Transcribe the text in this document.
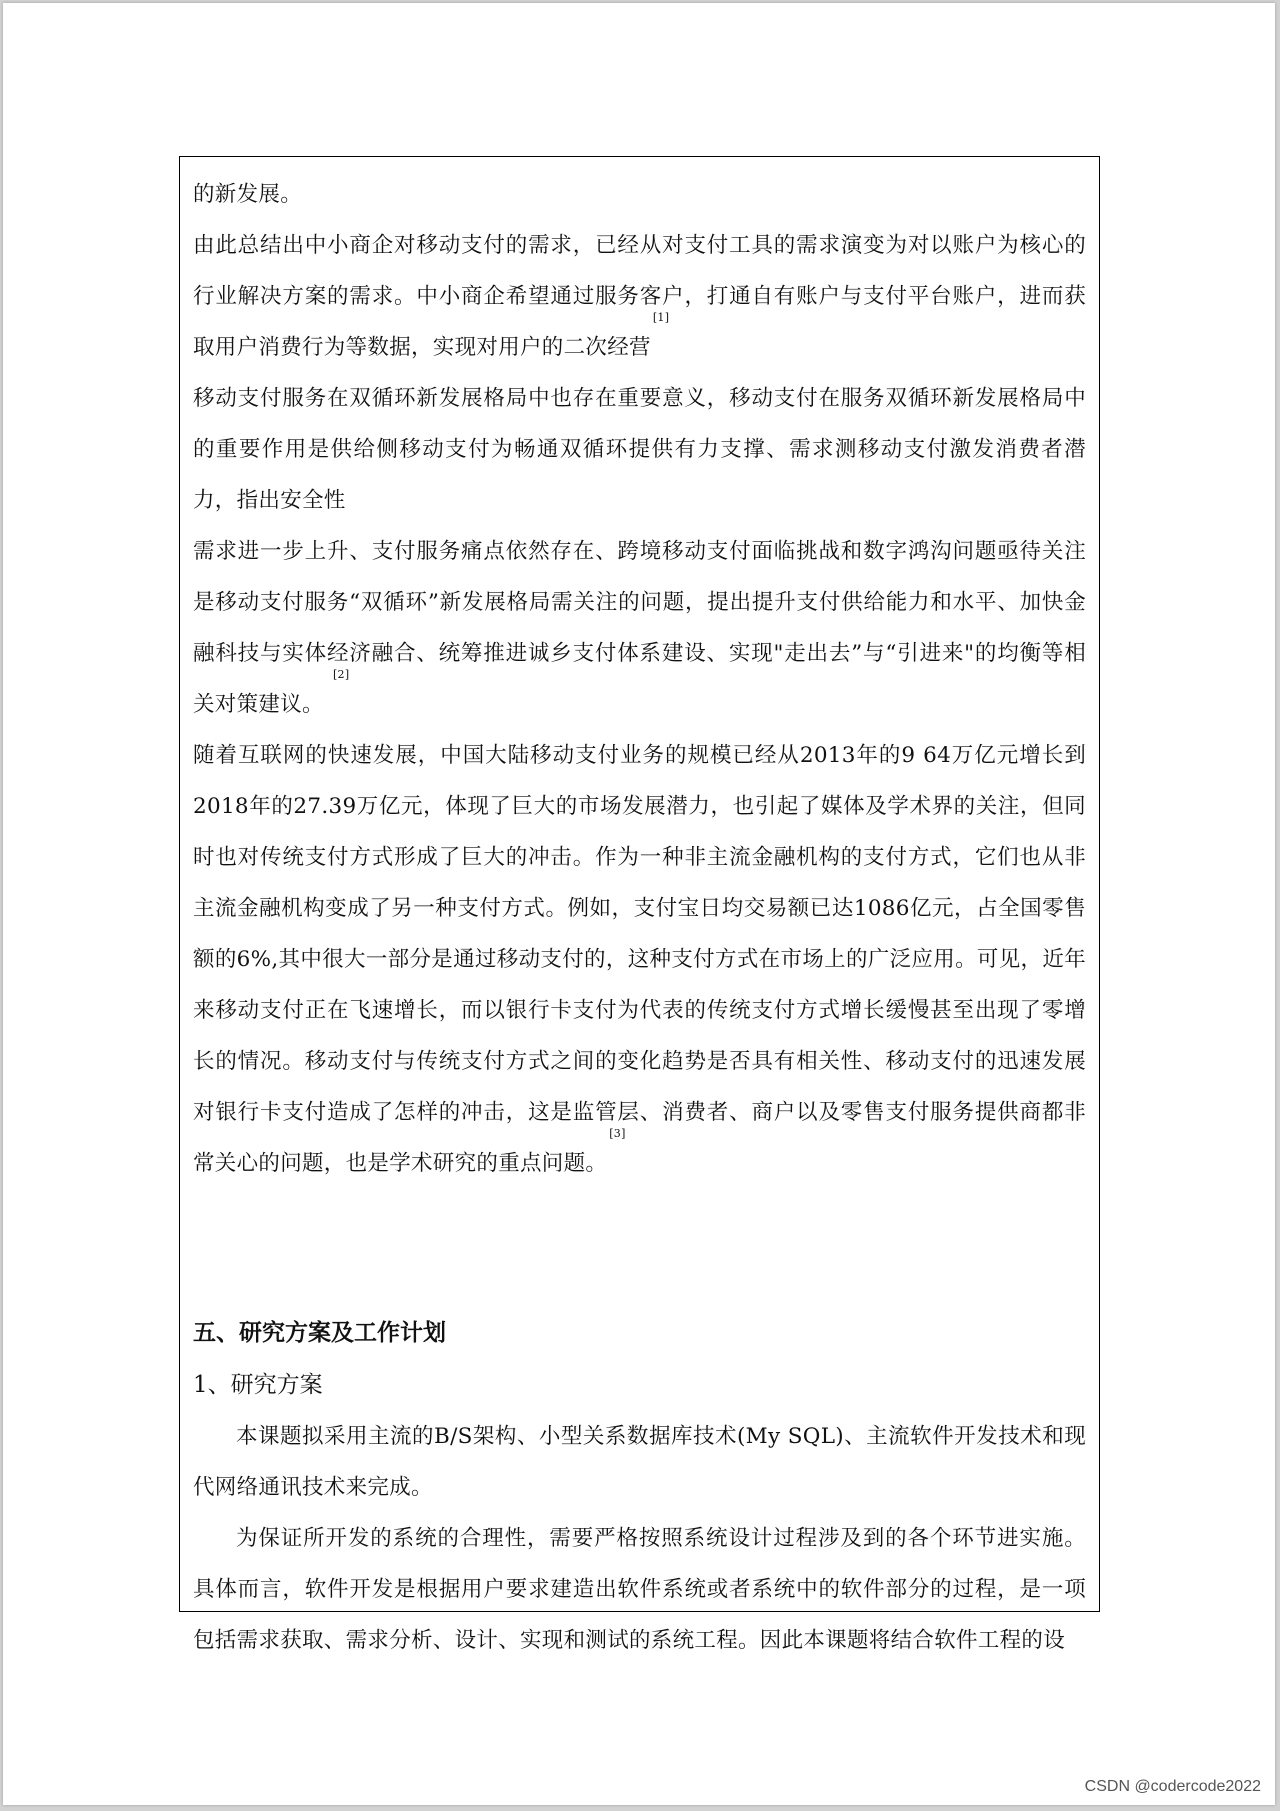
的新发展。

由此总结出中小商企对移动支付的需求，已经从对支付工具的需求演变为对以账户为核心的行业解决方案的需求。中小商企希望通过服务客户，打通自有账户与支付平台账户，进而获取用户消费行为等数据，实现对用户的二次经营[1]

移动支付服务在双循环新发展格局中也存在重要意义，移动支付在服务双循环新发展格局中的重要作用是供给侧移动支付为畅通双循环提供有力支撑、需求测移动支付激发消费者潜力，指出安全性

需求进一步上升、支付服务痛点依然存在、跨境移动支付面临挑战和数字鸿沟问题亟待关注是移动支付服务“双循环”新发展格局需关注的问题，提出提升支付供给能力和水平、加快金融科技与实体经济融合、统筹推进诚乡支付体系建设、实现"走出去”与“引进来"的均衡等相关对策建议。 [2]

随着互联网的快速发展，中国大陆移动支付业务的规模已经从2013年的9 64万亿元增长到2018年的27.39万亿元，体现了巨大的市场发展潜力，也引起了媒体及学术界的关注，但同时也对传统支付方式形成了巨大的冲击。作为一种非主流金融机构的支付方式，它们也从非主流金融机构变成了另一种支付方式。例如，支付宝日均交易额已达1086亿元，占全国零售额的6%,其中很大一部分是通过移动支付的，这种支付方式在市场上的广泛应用。可见，近年来移动支付正在飞速增长，而以银行卡支付为代表的传统支付方式增长缓慢甚至出现了零增长的情况。移动支付与传统支付方式之间的变化趋势是否具有相关性、移动支付的迅速发展对银行卡支付造成了怎样的冲击，这是监管层、消费者、商户以及零售支付服务提供商都非常关心的问题，也是学术研究的重点问题。[3]

五、研究方案及工作计划

1、研究方案

本课题拟采用主流的B/S架构、小型关系数据库技术(My SQL)、主流软件开发技术和现代网络通讯技术来完成。

为保证所开发的系统的合理性，需要严格按照系统设计过程涉及到的各个环节进实施。具体而言，软件开发是根据用户要求建造出软件系统或者系统中的软件部分的过程，是一项包括需求获取、需求分析、设计、实现和测试的系统工程。因此本课题将结合软件工程的设

CSDN @codercode2022
